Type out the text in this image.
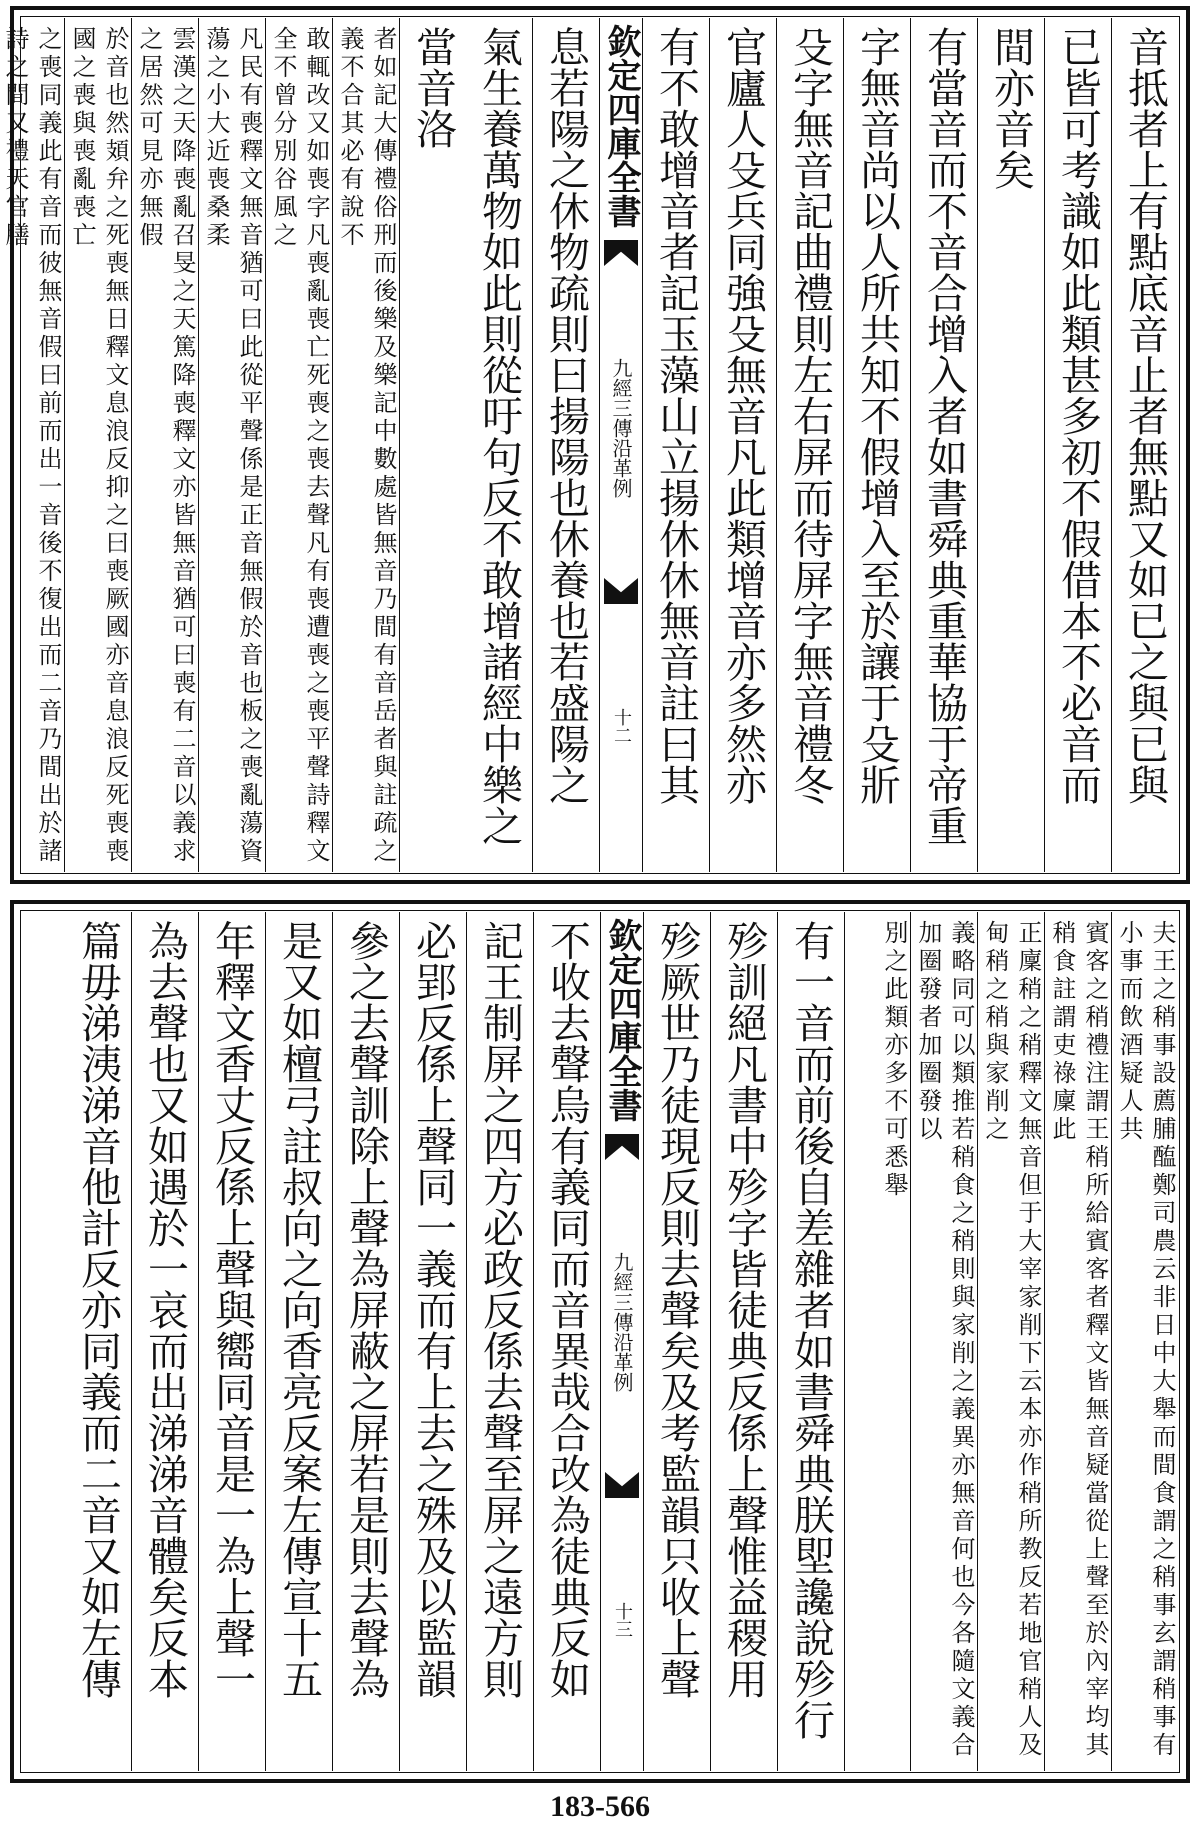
音抵者上有點底音止者無點又如已之與已與
已皆可考識如此類甚多初不假借本不必音而
間亦音矣
有當音而不音合增入者如書舜典重華協于帝重
字無音尚以人所共知不假增入至於讓于殳斨
殳字無音記曲禮則左右屏而待屏字無音禮冬
官廬人殳兵同強殳無音凡此類增音亦多然亦
有不敢增音者記玉藻山立揚休休無音註曰其
欽定四庫全書
九經三傳沿革例
十二
息若陽之休物疏則曰揚陽也休養也若盛陽之
氣生養萬物如此則從吁句反不敢增諸經中樂之當音洛
者如記大傳禮俗刑而後樂及樂記中數處皆無音乃間有音岳者與註疏之義不合其必有說不
敢輒改又如喪字凡喪亂喪亡死喪之喪去聲凡有喪遭喪之喪平聲詩釋文全不曾分別谷風之
凡民有喪釋文無音猶可曰此從平聲係是正音無假於音也板之喪亂蕩資蕩之小大近喪桑柔
雲漢之天降喪亂召旻之天篤降喪釋文亦皆無音猶可曰喪有二音以義求之居然可見亦無假
於音也然頍弁之死喪無日釋文息浪反抑之曰喪厥國亦音息浪反死喪喪國之喪與喪亂喪亡
之喪同義此有音而彼無音假曰前而出一音後不復出而二音乃間出於諸詩之間又禮天官膳
夫王之稍事設薦脯醢鄭司農云非日中大舉而間食謂之稍事玄謂稍事有小事而飲酒疑人共
賓客之稍禮注謂王稍所給賓客者釋文皆無音疑當從上聲至於內宰均其稍食註謂吏祿廩此
正廩稍之稍釋文無音但于大宰家削下云本亦作稍所教反若地官稍人及甸稍之稍與家削之
義略同可以類推若稍食之稍則與家削之義異亦無音何也今各隨文義合加圈發者加圈發以
別之此類亦多不可悉舉
有一音而前後自差雜者如書舜典朕堲讒說殄行
殄訓絕凡書中殄字皆徒典反係上聲惟益稷用
殄厥世乃徒現反則去聲矣及考監韻只收上聲
欽定四庫全書
九經三傳沿革例
十三
不收去聲烏有義同而音異哉合改為徒典反如
記王制屏之四方必政反係去聲至屏之遠方則
必郢反係上聲同一義而有上去之殊及以監韻
參之去聲訓除上聲為屏蔽之屏若是則去聲為
是又如檀弓註叔向之向香亮反案左傳宣十五
年釋文香丈反係上聲與嚮同音是一為上聲一
為去聲也又如遇於一哀而出涕涕音體矣反本
篇毋涕洟涕音他計反亦同義而二音又如左傳
183-566
